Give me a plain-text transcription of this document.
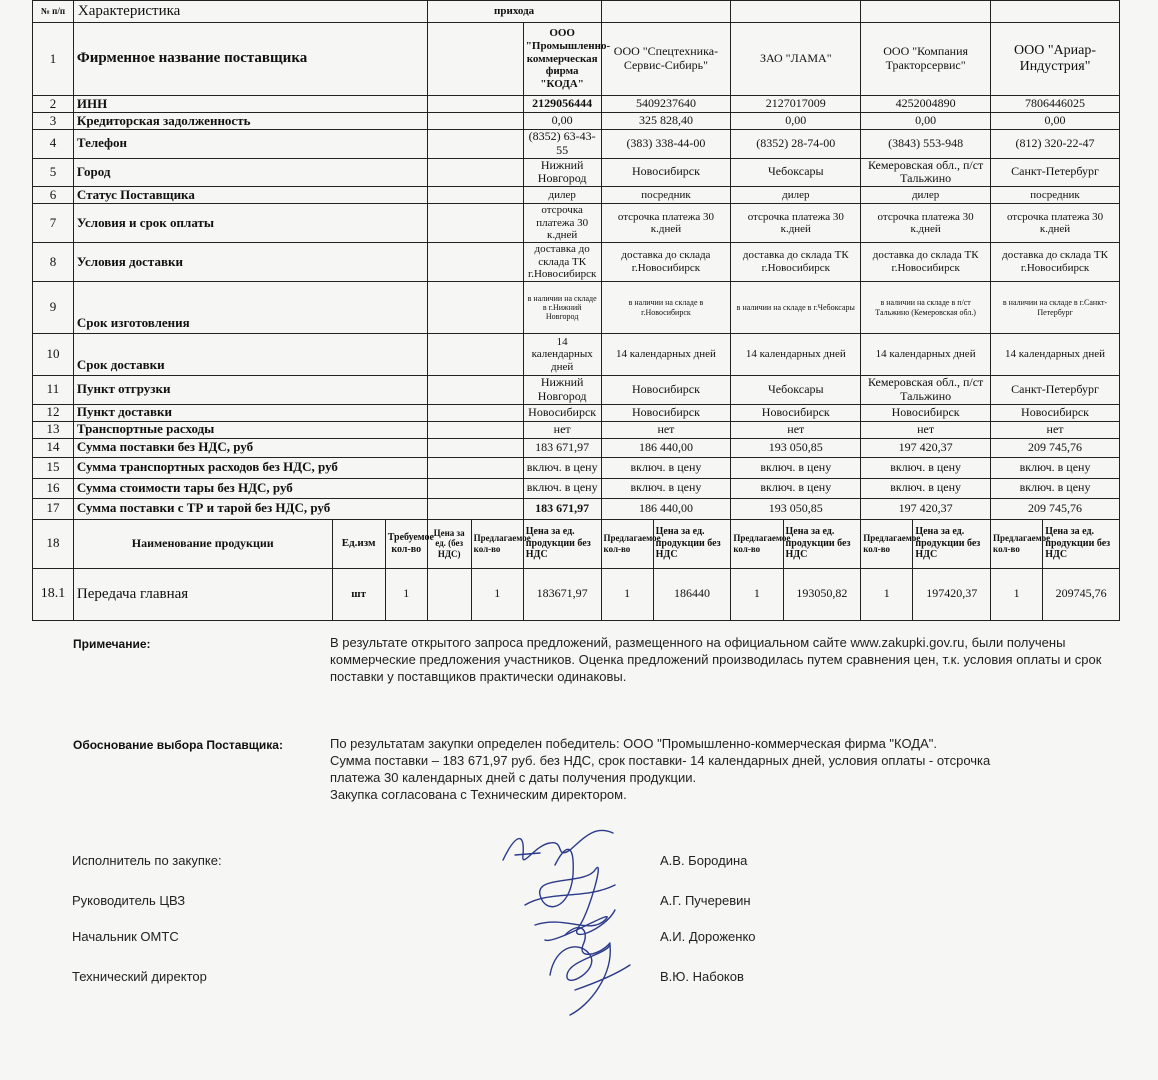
№ п/п	Характеристика			прихода										
1	Фирменное название поставщика					ООО "Промышленно-коммерческая фирма "КОДА"	ООО "Спецтехника-Сервис-Сибирь"		ЗАО "ЛАМА"		ООО "Компания Тракторсервис"		ООО "Ариар-Индустрия"	
2	ИНН					2129056444	5409237640		2127017009		4252004890		7806446025	
3	Кредиторская задолженность					0,00	325 828,40		0,00		0,00		0,00	
4	Телефон					(8352) 63-43-55	(383) 338-44-00		(8352) 28-74-00		(3843) 553-948		(812) 320-22-47	
5	Город					Нижний Новгород	Новосибирск		Чебоксары		Кемеровская обл., п/ст Тальжино		Санкт-Петербург	
6	Статус Поставщика					дилер	посредник		дилер		дилер		посредник	
7	Условия и срок оплаты					отсрочка платежа 30 к.дней	отсрочка платежа 30 к.дней		отсрочка платежа 30 к.дней		отсрочка платежа 30 к.дней		отсрочка платежа 30 к.дней	
8	Условия доставки					доставка до склада ТК г.Новосибирск	доставка до склада г.Новосибирск		доставка до склада ТК г.Новосибирск		доставка до склада ТК г.Новосибирск		доставка до склада ТК г.Новосибирск	
9	Срок изготовления					в наличии на складе в г.Нижний Новгород	в наличии на складе в г.Новосибирск		в наличии на складе в г.Чебоксары		в наличии на складе в п/ст Тальжино (Кемеровская обл.)		в наличии на складе в г.Санкт-Петербург	
10	Срок доставки					14 календарных дней	14 календарных дней		14 календарных дней		14 календарных дней		14 календарных дней	
11	Пункт отгрузки					Нижний Новгород	Новосибирск		Чебоксары		Кемеровская обл., п/ст Тальжино		Санкт-Петербург	
12	Пункт доставки					Новосибирск	Новосибирск		Новосибирск		Новосибирск		Новосибирск	
13	Транспортные расходы					нет	нет		нет		нет		нет	
14	Сумма поставки без НДС, руб					183 671,97	186 440,00		193 050,85		197 420,37		209 745,76	
15	Сумма транспортных расходов без НДС, руб					включ. в цену	включ. в цену		включ. в цену		включ. в цену		включ. в цену	
16	Сумма стоимости тары без НДС, руб					включ. в цену	включ. в цену		включ. в цену		включ. в цену		включ. в цену	
17	Сумма поставки с ТР и тарой без НДС, руб					183 671,97	186 440,00		193 050,85		197 420,37		209 745,76	
18	Наименование продукции	Ед.изм	Требуемое кол-во	Цена за ед. (без НДС)	Предлагаемое кол-во	Цена за ед. продукции без НДС	Предлагаемое кол-во	Цена за ед. продукции без НДС	Предлагаемое кол-во	Цена за ед. продукции без НДС	Предлагаемое кол-во	Цена за ед. продукции без НДС	Предлагаемое кол-во	Цена за ед. продукции без НДС
18.1	Передача главная	шт	1		1	183671,97	1	186440	1	193050,82	1	197420,37	1	209745,76
Примечание:	В результате открытого запроса предложений, размещенного на официальном сайте www.zakupki.gov.ru, были получены
коммерческие предложения участников. Оценка предложений производилась путем сравнения цен, т.к. условия оплаты и срок
поставки у поставщиков практически одинаковы.
Обоснование выбора Поставщика:	По результатам закупки определен победитель: ООО "Промышленно-коммерческая фирма "КОДА".
Сумма поставки – 183 671,97 руб. без НДС, срок поставки- 14 календарных дней, условия оплаты - отсрочка
платежа 30 календарных дней с даты получения продукции.
Закупка согласована с Техническим директором.
Исполнитель по закупке:	А.В. Бородина
Руководитель ЦВЗ	А.Г. Пучеревин
Начальник ОМТС	А.И. Дороженко
Технический директор	В.Ю. Набоков
